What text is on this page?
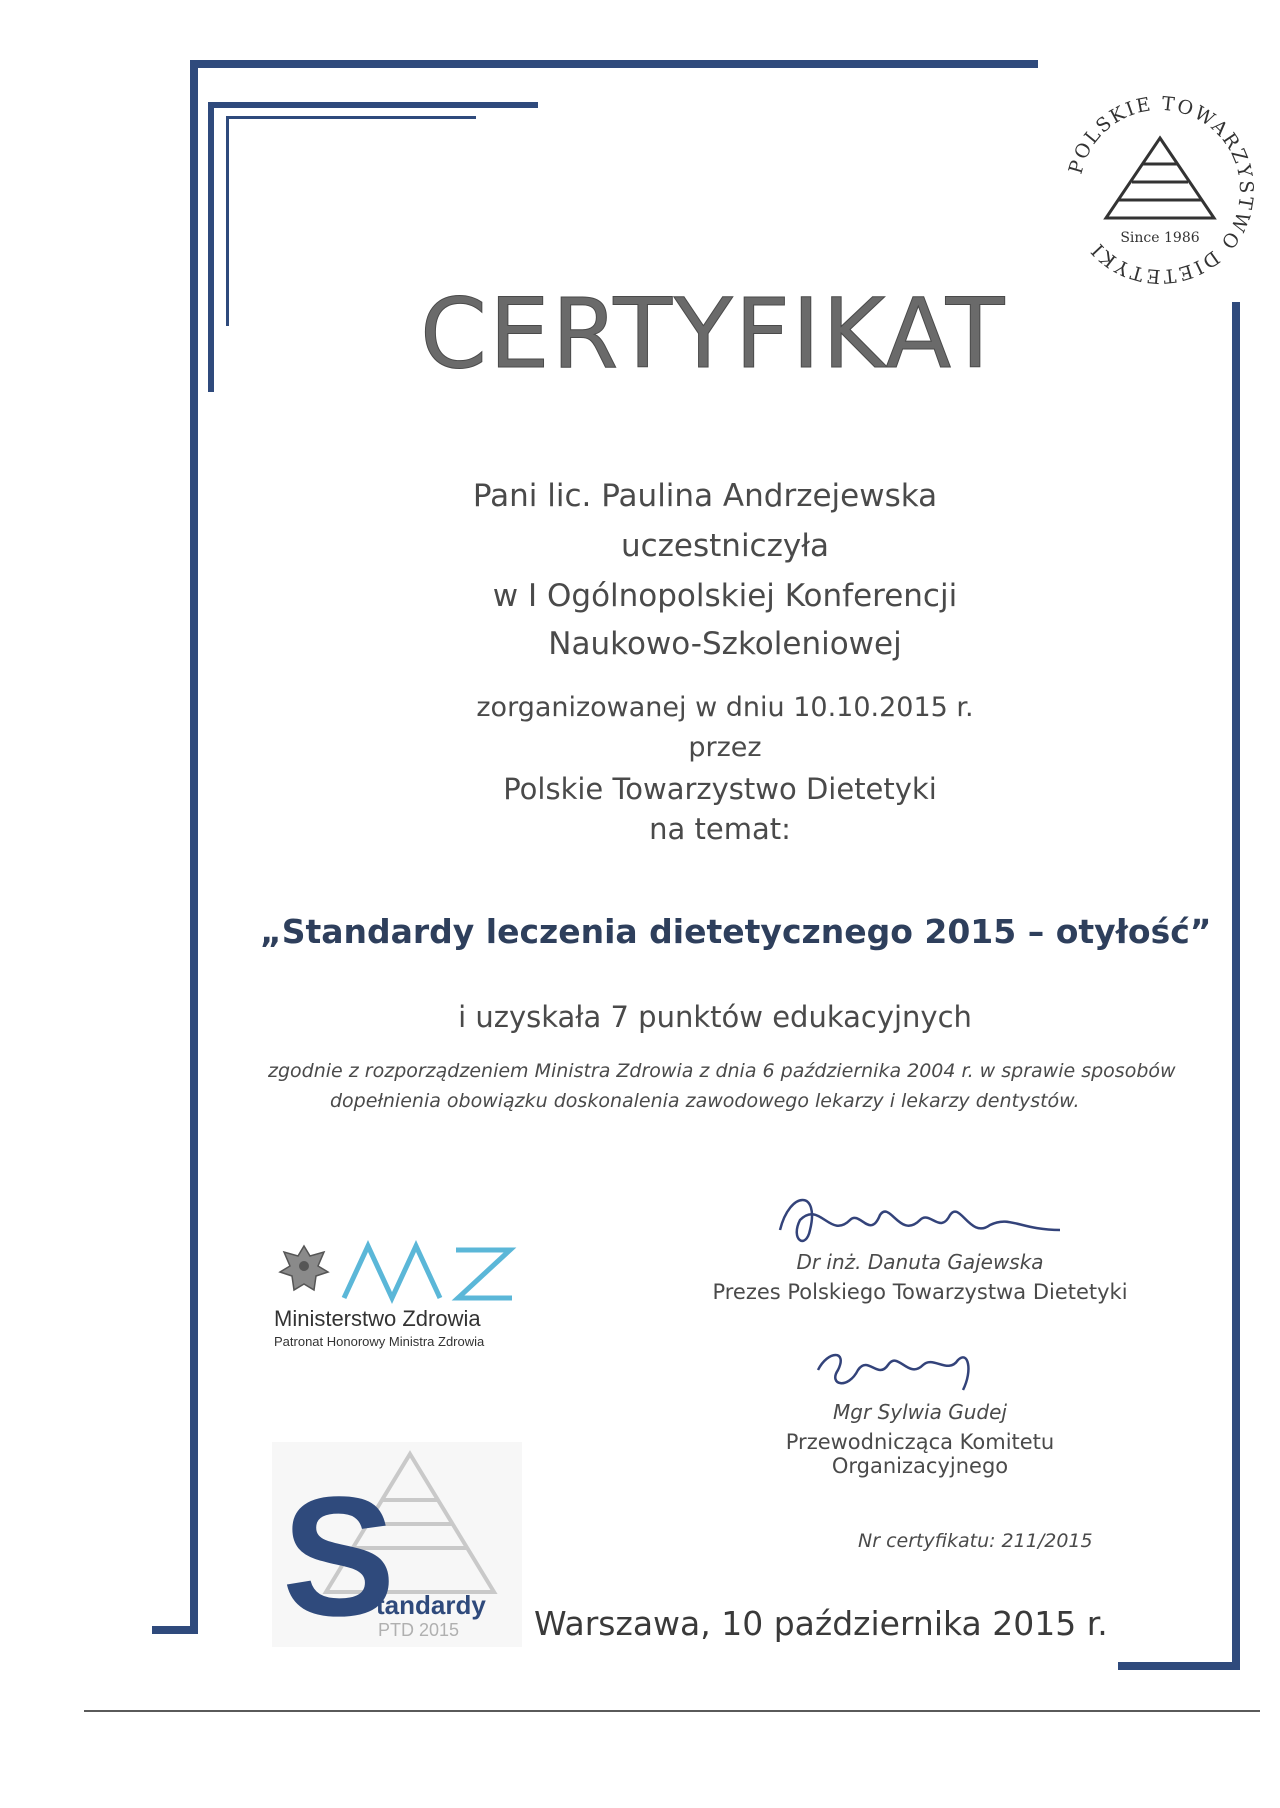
POLSKIE TOWARZYSTWO DIETETYKI Since 1986
CERTYFIKAT
Pani lic. Paulina Andrzejewska
uczestniczyła
w I Ogólnopolskiej Konferencji
Naukowo-Szkoleniowej
zorganizowanej w dniu 10.10.2015 r.
przez
Polskie Towarzystwo Dietetyki
na temat:
„Standardy leczenia dietetycznego 2015 – otyłość”
i uzyskała 7 punktów edukacyjnych
zgodnie z rozporządzeniem Ministra Zdrowia z dnia 6 października 2004 r. w sprawie sposobów
dopełnienia obowiązku doskonalenia zawodowego lekarzy i lekarzy dentystów.
Ministerstwo Zdrowia
Patronat Honorowy Ministra Zdrowia
Dr inż. Danuta Gajewska
Prezes Polskiego Towarzystwa Dietetyki
Mgr Sylwia Gudej
Przewodnicząca Komitetu Organizacyjnego
Nr certyfikatu: 211/2015
S
tandardy
PTD 2015 Warszawa, 10 października 2015 r.
